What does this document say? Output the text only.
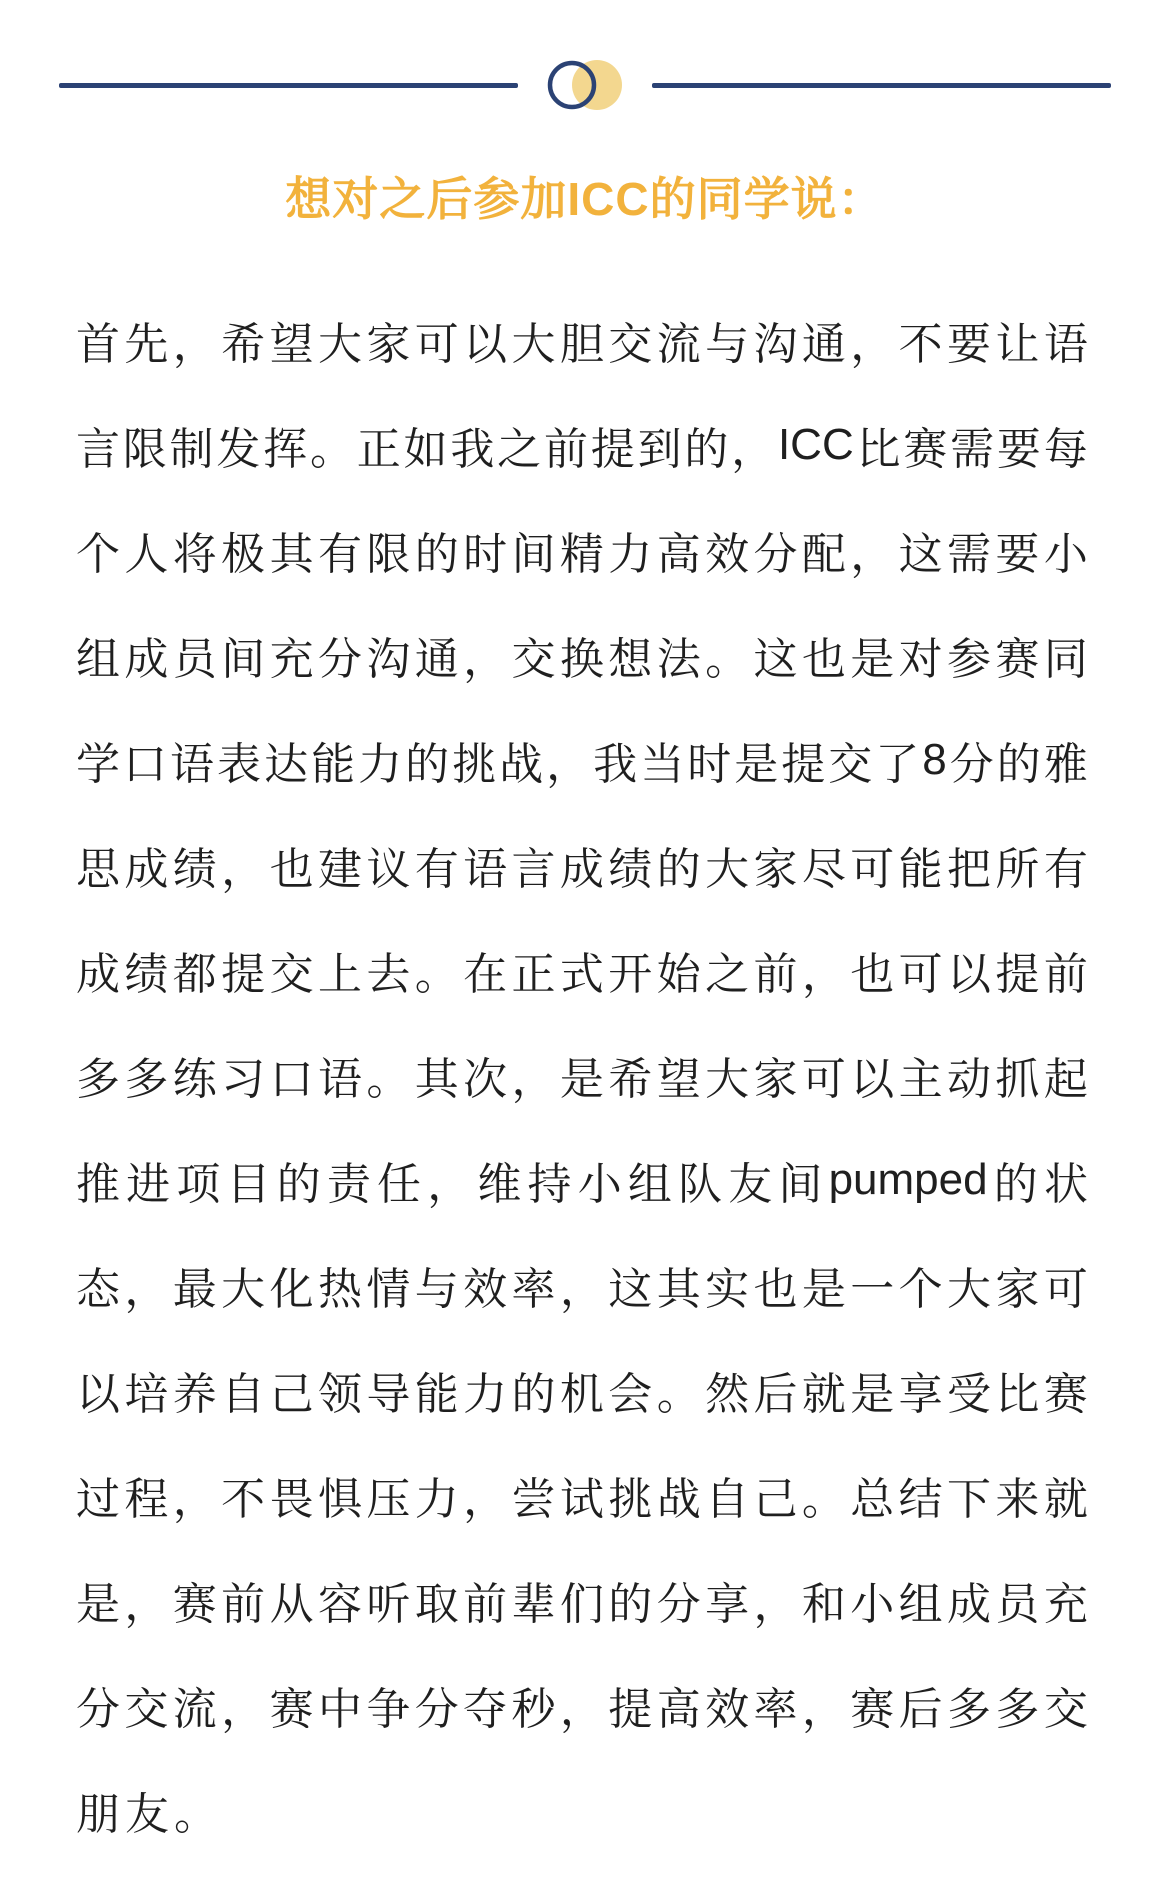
想对之后参加ICC的同学说：
首 先 ， 希 望 大 家 可 以 大 胆 交 流 与 沟 通 ， 不 要 让 语
言 限 制 发 挥 。 正 如 我 之 前 提 到 的 ， ICC 比 赛 需 要 每
个 人 将 极 其 有 限 的 时 间 精 力 高 效 分 配 ， 这 需 要 小
组 成 员 间 充 分 沟 通 ， 交 换 想 法 。 这 也 是 对 参 赛 同
学 口 语 表 达 能 力 的 挑 战 ， 我 当 时 是 提 交 了 8 分 的 雅
思 成 绩 ， 也 建 议 有 语 言 成 绩 的 大 家 尽 可 能 把 所 有
成 绩 都 提 交 上 去 。 在 正 式 开 始 之 前 ， 也 可 以 提 前
多 多 练 习 口 语 。 其 次 ， 是 希 望 大 家 可 以 主 动 抓 起
推 进 项 目 的 责 任 ， 维 持 小 组 队 友 间 pumped 的 状
态 ， 最 大 化 热 情 与 效 率 ， 这 其 实 也 是 一 个 大 家 可
以 培 养 自 己 领 导 能 力 的 机 会 。 然 后 就 是 享 受 比 赛
过 程 ， 不 畏 惧 压 力 ， 尝 试 挑 战 自 己 。 总 结 下 来 就
是 ， 赛 前 从 容 听 取 前 辈 们 的 分 享 ， 和 小 组 成 员 充
分 交 流 ， 赛 中 争 分 夺 秒 ， 提 高 效 率 ， 赛 后 多 多 交
朋 友 。
